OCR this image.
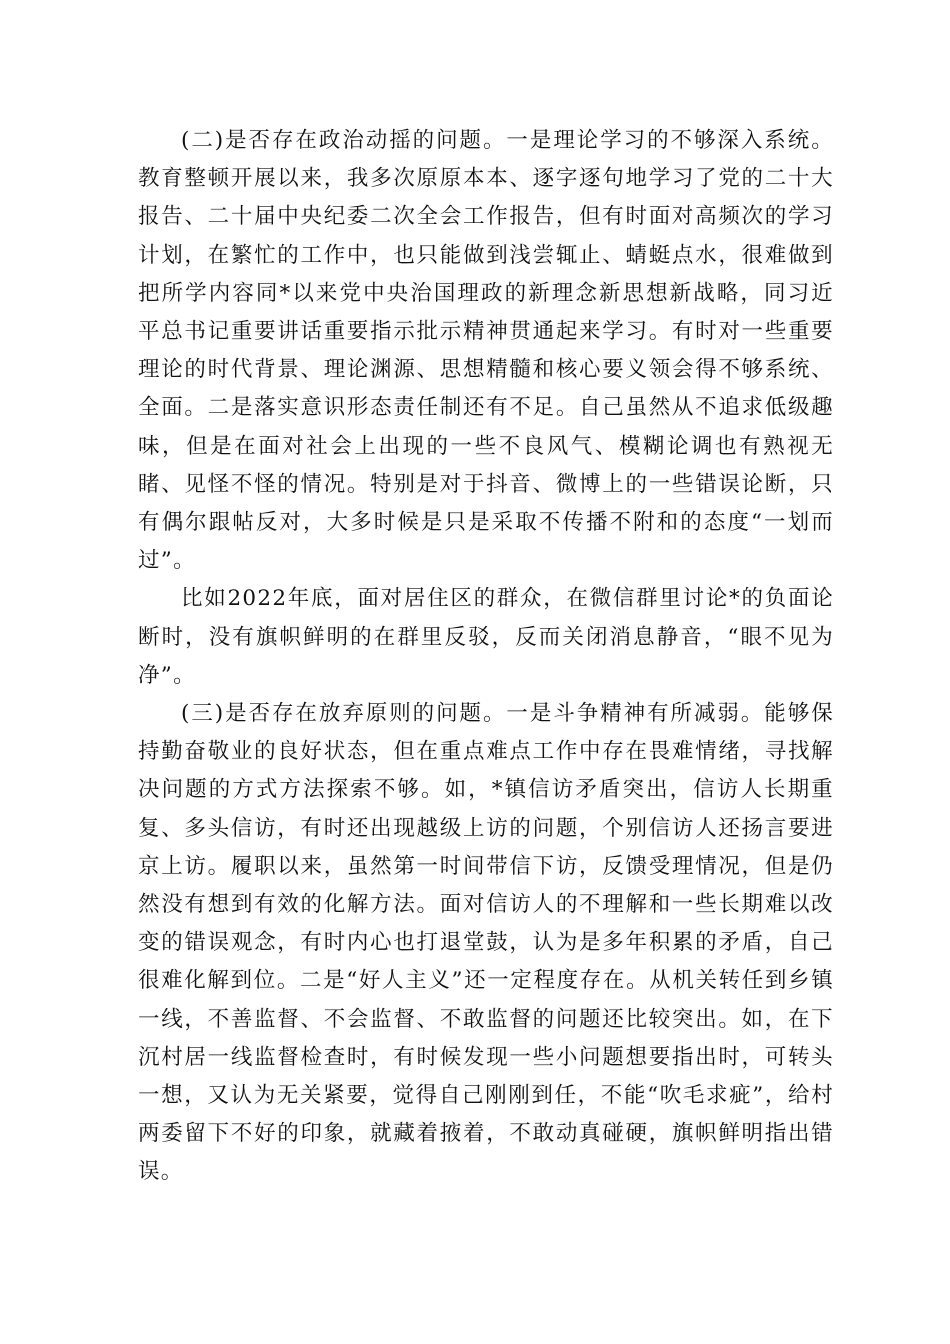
(二)是否存在政治动摇的问题。一是理论学习的不够深入系统。教育整顿开展以来，我多次原原本本、逐字逐句地学习了党的二十大报告、二十届中央纪委二次全会工作报告，但有时面对高频次的学习计划，在繁忙的工作中，也只能做到浅尝辄止、蜻蜓点水，很难做到把所学内容同*以来党中央治国理政的新理念新思想新战略，同习近平总书记重要讲话重要指示批示精神贯通起来学习。有时对一些重要理论的时代背景、理论渊源、思想精髓和核心要义领会得不够系统、全面。二是落实意识形态责任制还有不足。自己虽然从不追求低级趣味，但是在面对社会上出现的一些不良风气、模糊论调也有熟视无睹、见怪不怪的情况。特别是对于抖音、微博上的一些错误论断，只有偶尔跟帖反对，大多时候是只是采取不传播不附和的态度“一划而过”。

比如2022年底，面对居住区的群众，在微信群里讨论*的负面论断时，没有旗帜鲜明的在群里反驳，反而关闭消息静音，“眼不见为净”。

(三)是否存在放弃原则的问题。一是斗争精神有所减弱。能够保持勤奋敬业的良好状态，但在重点难点工作中存在畏难情绪，寻找解决问题的方式方法探索不够。如，*镇信访矛盾突出，信访人长期重复、多头信访，有时还出现越级上访的问题，个别信访人还扬言要进京上访。履职以来，虽然第一时间带信下访，反馈受理情况，但是仍然没有想到有效的化解方法。面对信访人的不理解和一些长期难以改变的错误观念，有时内心也打退堂鼓，认为是多年积累的矛盾，自己很难化解到位。二是“好人主义”还一定程度存在。从机关转任到乡镇一线，不善监督、不会监督、不敢监督的问题还比较突出。如，在下沉村居一线监督检查时，有时候发现一些小问题想要指出时，可转头一想，又认为无关紧要，觉得自己刚刚到任，不能“吹毛求疵”，给村两委留下不好的印象，就藏着掖着，不敢动真碰硬，旗帜鲜明指出错误。
